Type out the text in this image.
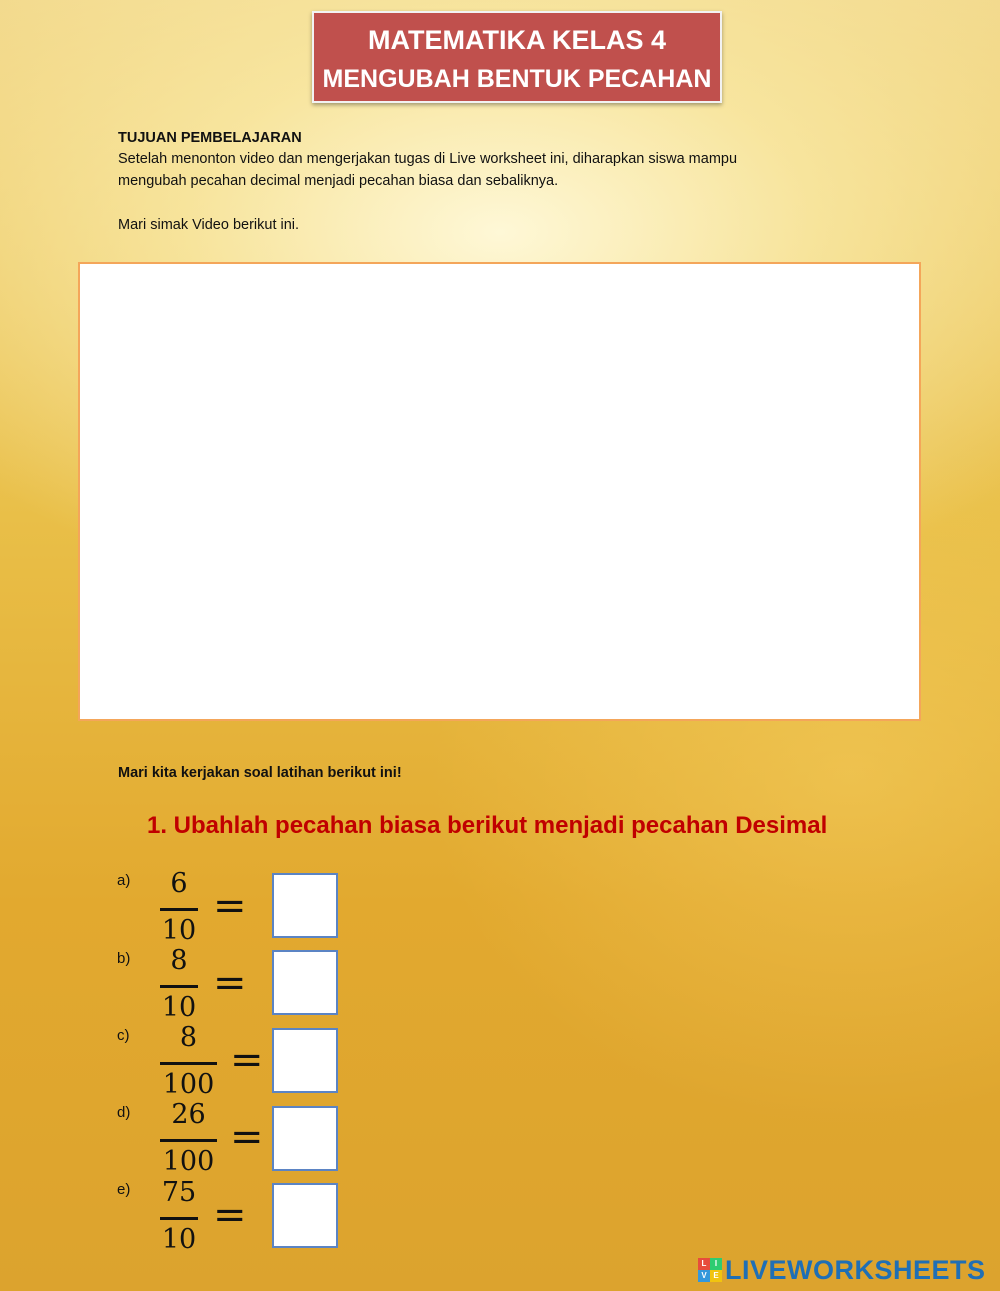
MATEMATIKA KELAS 4
MENGUBAH BENTUK PECAHAN
TUJUAN PEMBELAJARAN
Setelah menonton video dan mengerjakan tugas di Live worksheet ini, diharapkan siswa mampu
mengubah pecahan decimal menjadi pecahan biasa dan sebaliknya.
Mari simak Video berikut ini.
Mari kita kerjakan soal latihan berikut ini!
1. Ubahlah pecahan biasa berikut menjadi pecahan Desimal
a)	6
10
=
b)	8
10
=
c)	8
100
=
d)	26
100
=
e) 75
10
=
L	I
V E LIVEWORKSHEETS
